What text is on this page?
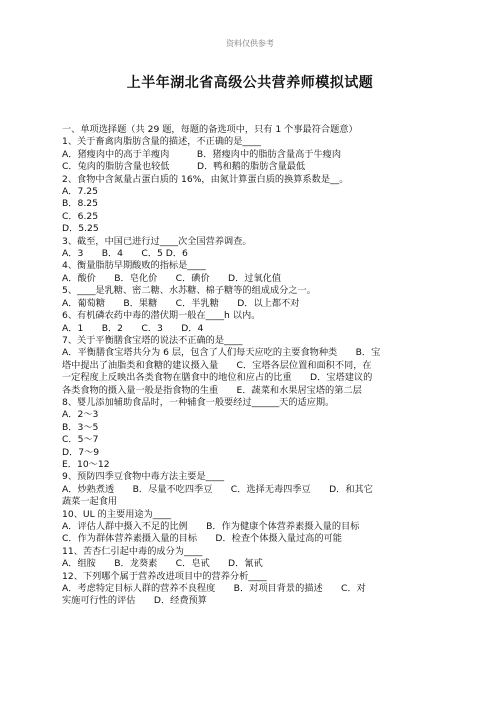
资料仅供参考
上半年湖北省高级公共营养师模拟试题
一、单项选择题（共 29 题，每题的备选项中，只有 1 个事最符合题意）
1、关于畜禽肉脂肪含量的描述，不正确的是____
A．猪瘦肉中的高于羊瘦肉　　　B．猪瘦肉中的脂肪含量高于牛瘦肉
C．兔肉的脂肪含量也较低　　　D．鸭和鹅的脂肪含量最低
2、食物中含氮量占蛋白质的 16%，由氮计算蛋白质的换算系数是__。
A．7.25
B．8.25
C．6.25
D．5.25
3、截至，中国已进行过____次全国营养调查。
A．3　　B．4　　C．5 D．6
4、衡量脂肪早期酸败的指标是____
A．酸价　　B．皂化价　　C．碘价　　D．过氧化值
5、____是乳糖、密二糖、水苏糖、棉子糖等的组成成分之一。
A．葡萄糖　　B．果糖　　C．半乳糖　　D．以上都不对
6、有机磷农药中毒的潜伏期一般在____h 以内。
A．1　　B．2　　C．3　　D．4
7、关于平衡膳食宝塔的说法不正确的是____
A．平衡膳食宝塔共分为 6 层，包含了人们每天应吃的主要食物种类　　B．宝
塔中提出了油脂类和食糖的建议摄入量　　C．宝塔各层位置和面积不同，在
一定程度上反映出各类食物在膳食中的地位和应占的比重　　D．宝塔建议的
各类食物的摄入量一般是指食物的生重　　E．蔬菜和水果居宝塔的第二层
8、婴儿添加辅助食品时，一种辅食一般要经过______天的适应期。
A．2～3
B．3～5
C．5～7
D．7～9
E．10～12
9、预防四季豆食物中毒方法主要是____
A．炒熟煮透　　B．尽量不吃四季豆　　C．选择无毒四季豆　　D．和其它
蔬菜一起食用
10、UL 的主要用途为____
A．评估人群中摄入不足的比例　　B．作为健康个体营养素摄入量的目标
C．作为群体营养素摄入量的目标　　D．检查个体摄入量过高的可能
11、苦杏仁引起中毒的成分为____
A．组胺　　B．龙葵素　　C．皂甙　　D．氰甙
12、下列哪个属于营养改进项目中的营养分析____
A．考虑特定目标人群的营养不良程度　　B．对项目背景的描述　　C．对
实施可行性的评估　　D．经费预算
